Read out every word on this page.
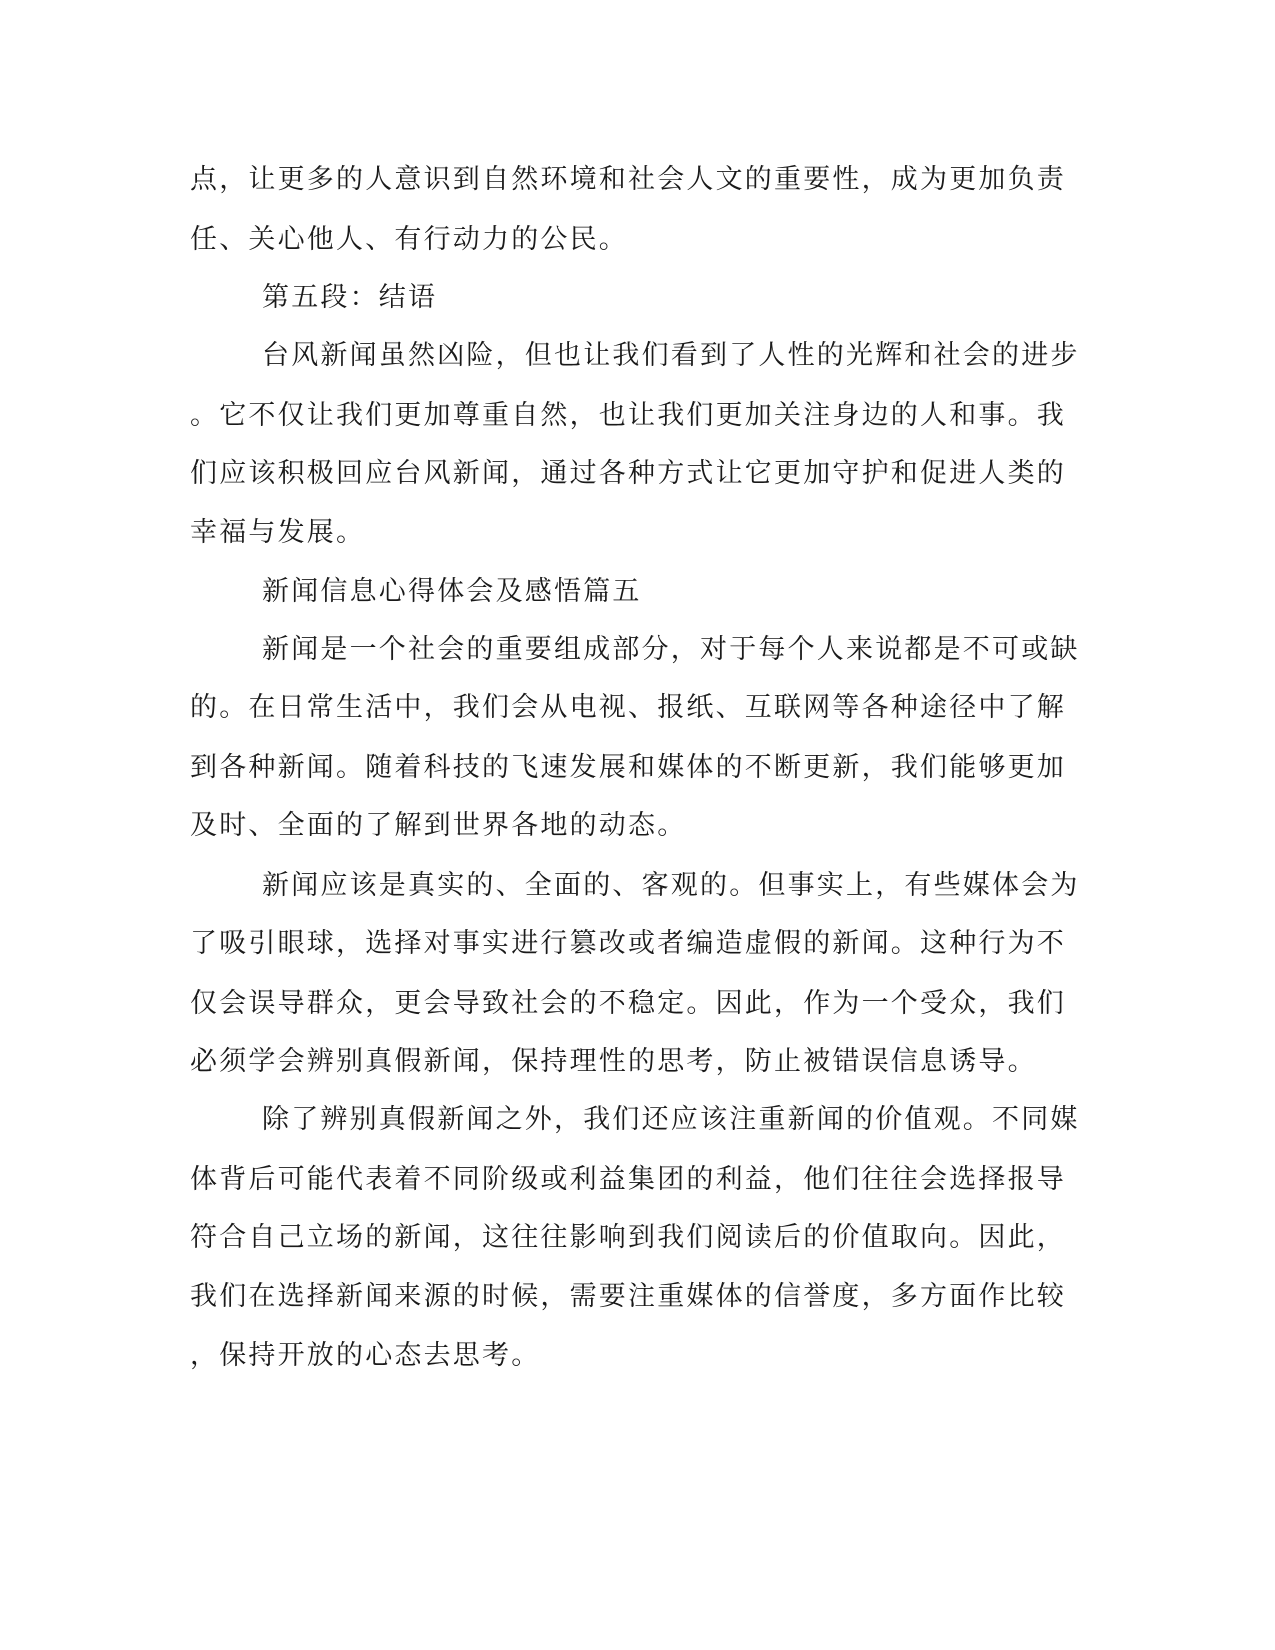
点，让更多的人意识到自然环境和社会人文的重要性，成为更加负责

任、关心他人、有行动力的公民。

第五段：结语

台风新闻虽然凶险，但也让我们看到了人性的光辉和社会的进步

。它不仅让我们更加尊重自然，也让我们更加关注身边的人和事。我

们应该积极回应台风新闻，通过各种方式让它更加守护和促进人类的

幸福与发展。

新闻信息心得体会及感悟篇五

新闻是一个社会的重要组成部分，对于每个人来说都是不可或缺

的。在日常生活中，我们会从电视、报纸、互联网等各种途径中了解

到各种新闻。随着科技的飞速发展和媒体的不断更新，我们能够更加

及时、全面的了解到世界各地的动态。

新闻应该是真实的、全面的、客观的。但事实上，有些媒体会为

了吸引眼球，选择对事实进行篡改或者编造虚假的新闻。这种行为不

仅会误导群众，更会导致社会的不稳定。因此，作为一个受众，我们

必须学会辨别真假新闻，保持理性的思考，防止被错误信息诱导。

除了辨别真假新闻之外，我们还应该注重新闻的价值观。不同媒

体背后可能代表着不同阶级或利益集团的利益，他们往往会选择报导

符合自己立场的新闻，这往往影响到我们阅读后的价值取向。因此，

我们在选择新闻来源的时候，需要注重媒体的信誉度，多方面作比较

，保持开放的心态去思考。
